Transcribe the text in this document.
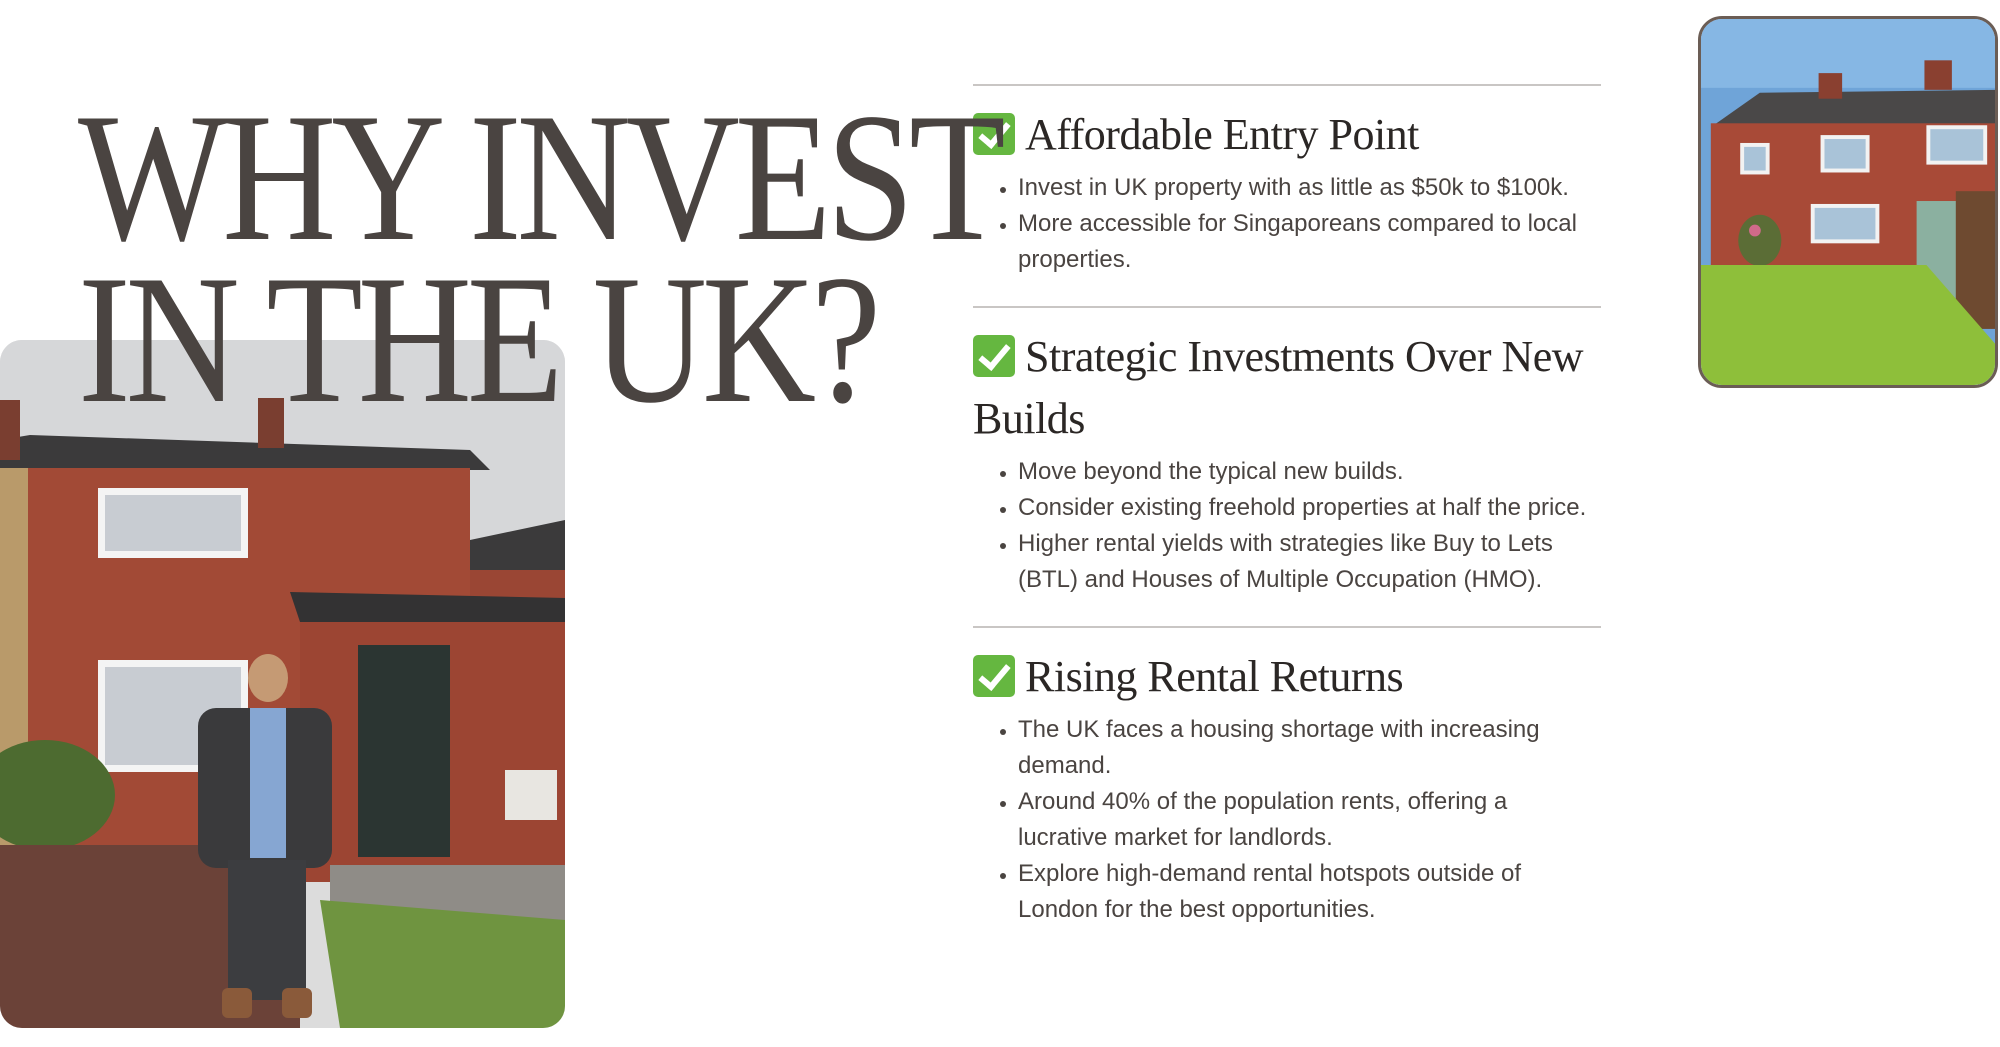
WHY INVEST
IN THE UK?
Affordable Entry Point
• Invest in UK property with as little as $50k to $100k.
• More accessible for Singaporeans compared to local properties.
Strategic Investments Over New Builds
• Move beyond the typical new builds.
• Consider existing freehold properties at half the price.
• Higher rental yields with strategies like Buy to Lets (BTL) and Houses of Multiple Occupation (HMO).
Rising Rental Returns
• The UK faces a housing shortage with increasing demand.
• Around 40% of the population rents, offering a lucrative market for landlords.
• Explore high-demand rental hotspots outside of London for the best opportunities.
